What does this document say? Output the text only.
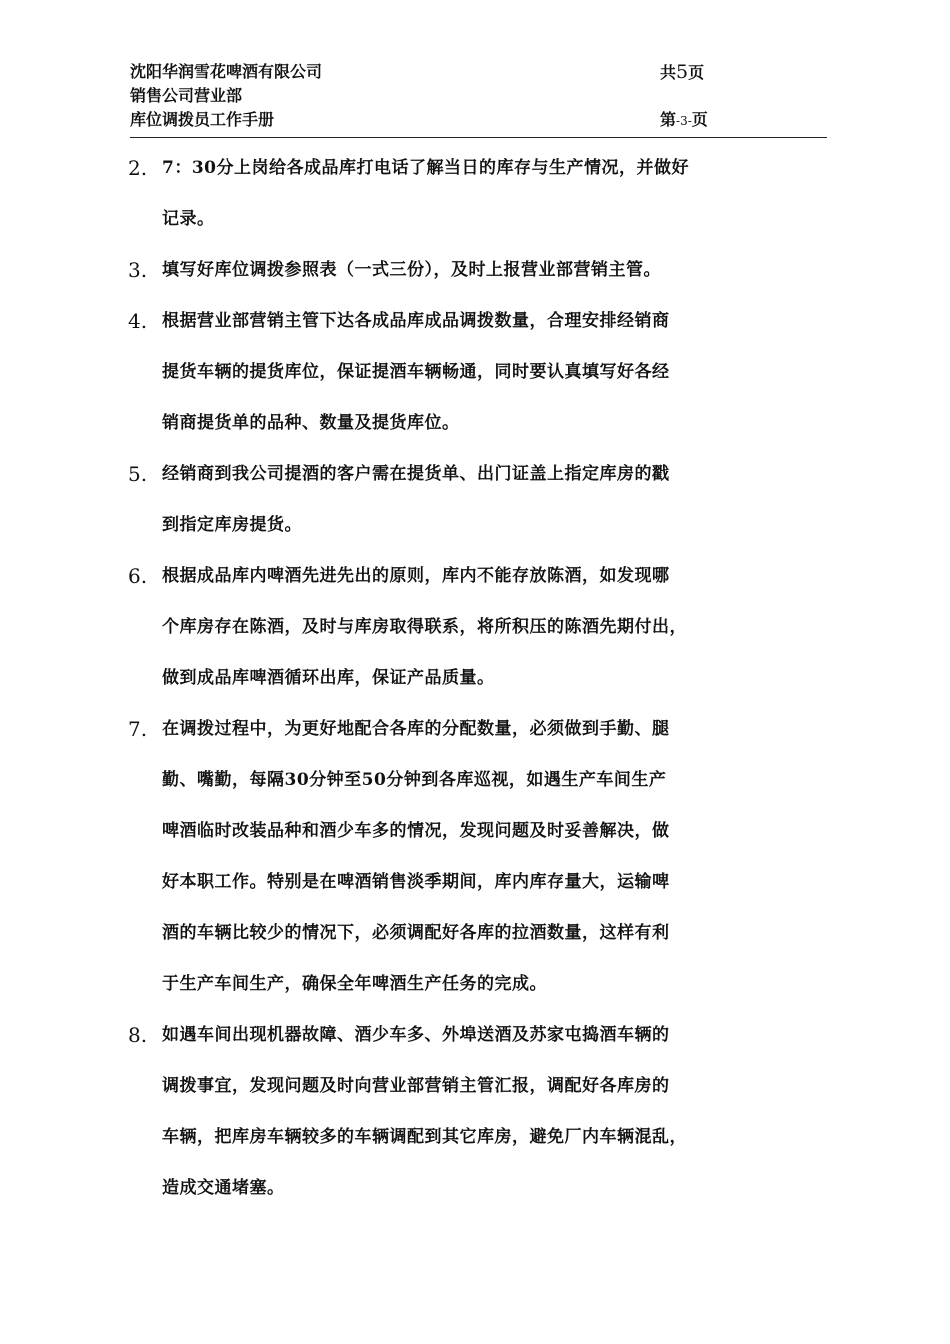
沈阳华润雪花啤酒有限公司	共5页
销售公司营业部
库位调拨员工作手册	第-3-页
2. 7：30分上岗给各成品库打电话了解当日的库存与生产情况，并做好
记录。
3. 填写好库位调拨参照表（一式三份），及时上报营业部营销主管。
4. 根据营业部营销主管下达各成品库成品调拨数量，合理安排经销商
提货车辆的提货库位，保证提酒车辆畅通，同时要认真填写好各经
销商提货单的品种、数量及提货库位。
5. 经销商到我公司提酒的客户需在提货单、出门证盖上指定库房的戳
到指定库房提货。
6. 根据成品库内啤酒先进先出的原则，库内不能存放陈酒，如发现哪
个库房存在陈酒，及时与库房取得联系，将所积压的陈酒先期付出，
做到成品库啤酒循环出库，保证产品质量。
7. 在调拨过程中，为更好地配合各库的分配数量，必须做到手勤、腿
勤、嘴勤，每隔30分钟至50分钟到各库巡视，如遇生产车间生产
啤酒临时改装品种和酒少车多的情况，发现问题及时妥善解决，做
好本职工作。特别是在啤酒销售淡季期间，库内库存量大，运输啤
酒的车辆比较少的情况下，必须调配好各库的拉酒数量，这样有利
于生产车间生产，确保全年啤酒生产任务的完成。
8. 如遇车间出现机器故障、酒少车多、外埠送酒及苏家屯捣酒车辆的
调拨事宜，发现问题及时向营业部营销主管汇报，调配好各库房的
车辆，把库房车辆较多的车辆调配到其它库房，避免厂内车辆混乱，
造成交通堵塞。
